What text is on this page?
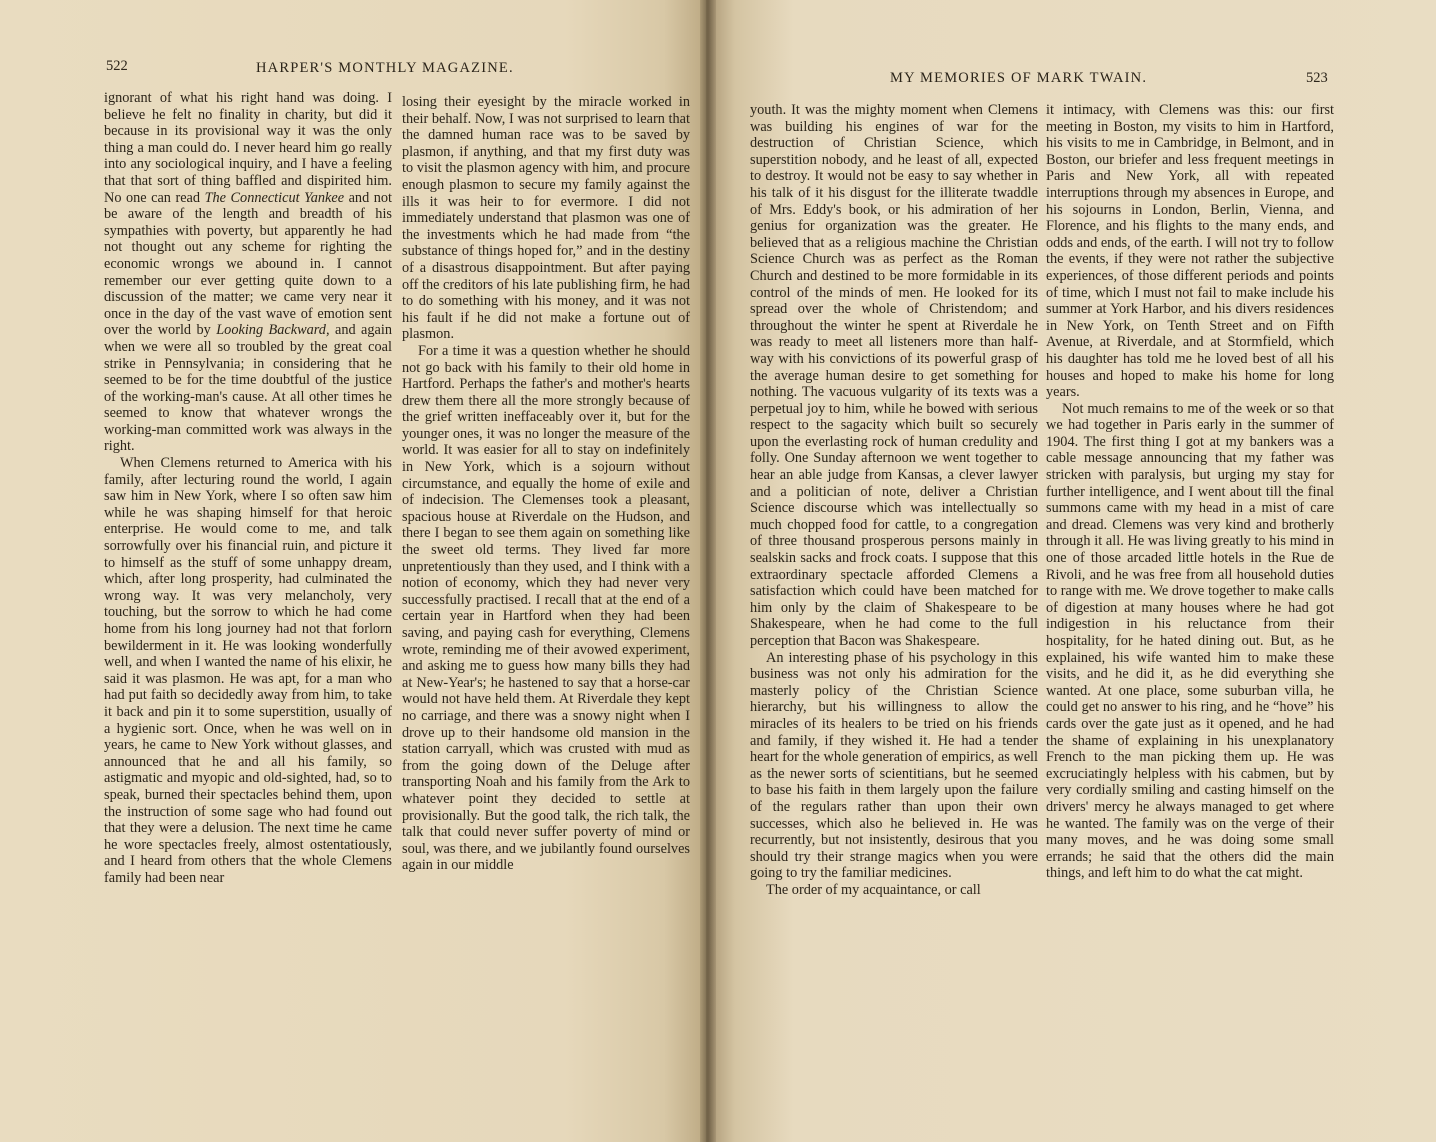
522	HARPER'S MONTHLY MAGAZINE.

ignorant of what his right hand was doing. I believe he felt no finality in charity, but did it because in its provisional way it was the only thing a man could do. I never heard him go really into any sociological inquiry, and I have a feeling that that sort of thing baffled and dispirited him. No one can read The Connecticut Yankee and not be aware of the length and breadth of his sympathies with poverty, but apparently he had not thought out any scheme for righting the economic wrongs we abound in. I cannot remember our ever getting quite down to a discussion of the matter; we came very near it once in the day of the vast wave of emotion sent over the world by Looking Backward, and again when we were all so troubled by the great coal strike in Pennsylvania; in considering that he seemed to be for the time doubtful of the justice of the working-man's cause. At all other times he seemed to know that whatever wrongs the working-man committed work was always in the right.

When Clemens returned to America with his family, after lecturing round the world, I again saw him in New York, where I so often saw him while he was shaping himself for that heroic enterprise. He would come to me, and talk sorrowfully over his financial ruin, and picture it to himself as the stuff of some unhappy dream, which, after long prosperity, had culminated the wrong way. It was very melancholy, very touching, but the sorrow to which he had come home from his long journey had not that forlorn bewilderment in it. He was looking wonderfully well, and when I wanted the name of his elixir, he said it was plasmon. He was apt, for a man who had put faith so decidedly away from him, to take it back and pin it to some superstition, usually of a hygienic sort. Once, when he was well on in years, he came to New York without glasses, and announced that he and all his family, so astigmatic and myopic and old-sighted, had, so to speak, burned their spectacles behind them, upon the instruction of some sage who had found out that they were a delusion. The next time he came he wore spectacles freely, almost ostentatiously, and I heard from others that the whole Clemens family had been near

losing their eyesight by the miracle worked in their behalf. Now, I was not surprised to learn that the damned human race was to be saved by plasmon, if anything, and that my first duty was to visit the plasmon agency with him, and procure enough plasmon to secure my family against the ills it was heir to for evermore. I did not immediately understand that plasmon was one of the investments which he had made from “the substance of things hoped for,” and in the destiny of a disastrous disappointment. But after paying off the creditors of his late publishing firm, he had to do something with his money, and it was not his fault if he did not make a fortune out of plasmon.

For a time it was a question whether he should not go back with his family to their old home in Hartford. Perhaps the father's and mother's hearts drew them there all the more strongly because of the grief written ineffaceably over it, but for the younger ones, it was no longer the measure of the world. It was easier for all to stay on indefinitely in New York, which is a sojourn without circumstance, and equally the home of exile and of indecision. The Clemenses took a pleasant, spacious house at Riverdale on the Hudson, and there I began to see them again on something like the sweet old terms. They lived far more unpretentiously than they used, and I think with a notion of economy, which they had never very successfully practised. I recall that at the end of a certain year in Hartford when they had been saving, and paying cash for everything, Clemens wrote, reminding me of their avowed experiment, and asking me to guess how many bills they had at New-Year's; he hastened to say that a horse-car would not have held them. At Riverdale they kept no carriage, and there was a snowy night when I drove up to their handsome old mansion in the station carryall, which was crusted with mud as from the going down of the Deluge after transporting Noah and his family from the Ark to whatever point they decided to settle at provisionally. But the good talk, the rich talk, the talk that could never suffer poverty of mind or soul, was there, and we jubilantly found ourselves again in our middle

MY MEMORIES OF MARK TWAIN.	523

youth. It was the mighty moment when Clemens was building his engines of war for the destruction of Christian Science, which superstition nobody, and he least of all, expected to destroy. It would not be easy to say whether in his talk of it his disgust for the illiterate twaddle of Mrs. Eddy's book, or his admiration of her genius for organization was the greater. He believed that as a religious machine the Christian Science Church was as perfect as the Roman Church and destined to be more formidable in its control of the minds of men. He looked for its spread over the whole of Christendom; and throughout the winter he spent at Riverdale he was ready to meet all listeners more than half-way with his convictions of its powerful grasp of the average human desire to get something for nothing. The vacuous vulgarity of its texts was a perpetual joy to him, while he bowed with serious respect to the sagacity which built so securely upon the everlasting rock of human credulity and folly. One Sunday afternoon we went together to hear an able judge from Kansas, a clever lawyer and a politician of note, deliver a Christian Science discourse which was intellectually so much chopped food for cattle, to a congregation of three thousand prosperous persons mainly in sealskin sacks and frock coats. I suppose that this extraordinary spectacle afforded Clemens a satisfaction which could have been matched for him only by the claim of Shakespeare to be Shakespeare, when he had come to the full perception that Bacon was Shakespeare.

An interesting phase of his psychology in this business was not only his admiration for the masterly policy of the Christian Science hierarchy, but his willingness to allow the miracles of its healers to be tried on his friends and family, if they wished it. He had a tender heart for the whole generation of empirics, as well as the newer sorts of scientitians, but he seemed to base his faith in them largely upon the failure of the regulars rather than upon their own successes, which also he believed in. He was recurrently, but not insistently, desirous that you should try their strange magics when you were going to try the familiar medicines.

The order of my acquaintance, or call

it intimacy, with Clemens was this: our first meeting in Boston, my visits to him in Hartford, his visits to me in Cambridge, in Belmont, and in Boston, our briefer and less frequent meetings in Paris and New York, all with repeated interruptions through my absences in Europe, and his sojourns in London, Berlin, Vienna, and Florence, and his flights to the many ends, and odds and ends, of the earth. I will not try to follow the events, if they were not rather the subjective experiences, of those different periods and points of time, which I must not fail to make include his summer at York Harbor, and his divers residences in New York, on Tenth Street and on Fifth Avenue, at Riverdale, and at Stormfield, which his daughter has told me he loved best of all his houses and hoped to make his home for long years.

Not much remains to me of the week or so that we had together in Paris early in the summer of 1904. The first thing I got at my bankers was a cable message announcing that my father was stricken with paralysis, but urging my stay for further intelligence, and I went about till the final summons came with my head in a mist of care and dread. Clemens was very kind and brotherly through it all. He was living greatly to his mind in one of those arcaded little hotels in the Rue de Rivoli, and he was free from all household duties to range with me. We drove together to make calls of digestion at many houses where he had got indigestion in his reluctance from their hospitality, for he hated dining out. But, as he explained, his wife wanted him to make these visits, and he did it, as he did everything she wanted. At one place, some suburban villa, he could get no answer to his ring, and he “hove” his cards over the gate just as it opened, and he had the shame of explaining in his unexplanatory French to the man picking them up. He was excruciatingly helpless with his cabmen, but by very cordially smiling and casting himself on the drivers' mercy he always managed to get where he wanted. The family was on the verge of their many moves, and he was doing some small errands; he said that the others did the main things, and left him to do what the cat might.
